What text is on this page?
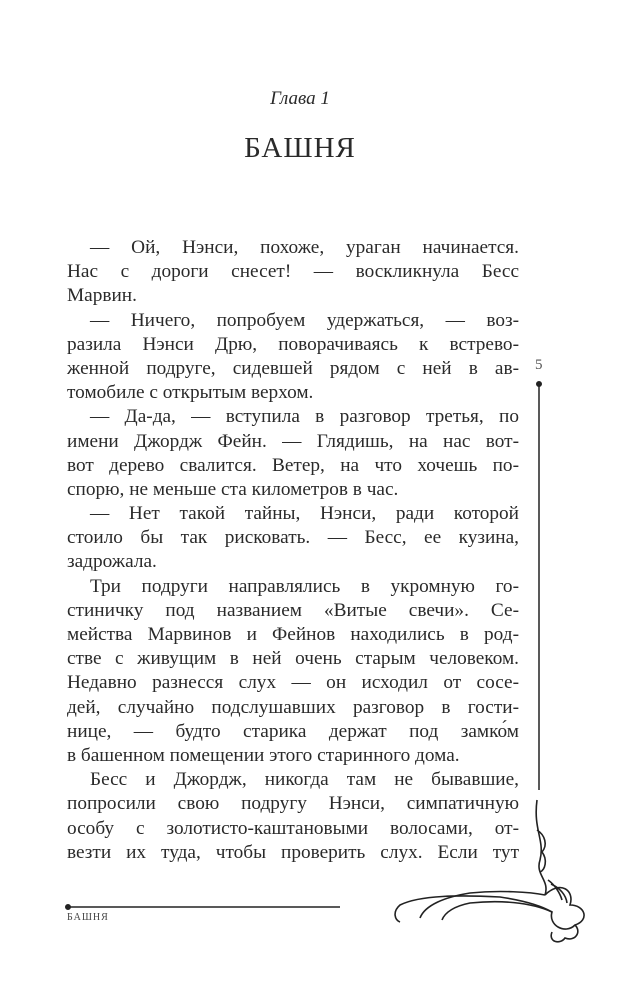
Глава 1
БАШНЯ
— Ой, Нэнси, похоже, ураган начинается.
Нас с дороги снесет! — воскликнула Бесс
Марвин.
— Ничего, попробуем удержаться, — воз-
разила Нэнси Дрю, поворачиваясь к встрево-
женной подруге, сидевшей рядом с ней в ав-
томобиле с открытым верхом.
— Да-да, — вступила в разговор третья, по
имени Джордж Фейн. — Глядишь, на нас вот-
вот дерево свалится. Ветер, на что хочешь по-
спорю, не меньше ста километров в час.
— Нет такой тайны, Нэнси, ради которой
стоило бы так рисковать. — Бесс, ее кузина,
задрожала.
Три подруги направлялись в укромную го-
стиничку под названием «Витые свечи». Се-
мейства Марвинов и Фейнов находились в род-
стве с живущим в ней очень старым человеком.
Недавно разнесся слух — он исходил от сосе-
дей, случайно подслушавших разговор в гости-
нице, — будто старика держат под замко́м
в башенном помещении этого старинного дома.
Бесс и Джордж, никогда там не бывавшие,
попросили свою подругу Нэнси, симпатичную
особу с золотисто-каштановыми волосами, от-
везти их туда, чтобы проверить слух. Если тут
5
БАШНЯ
